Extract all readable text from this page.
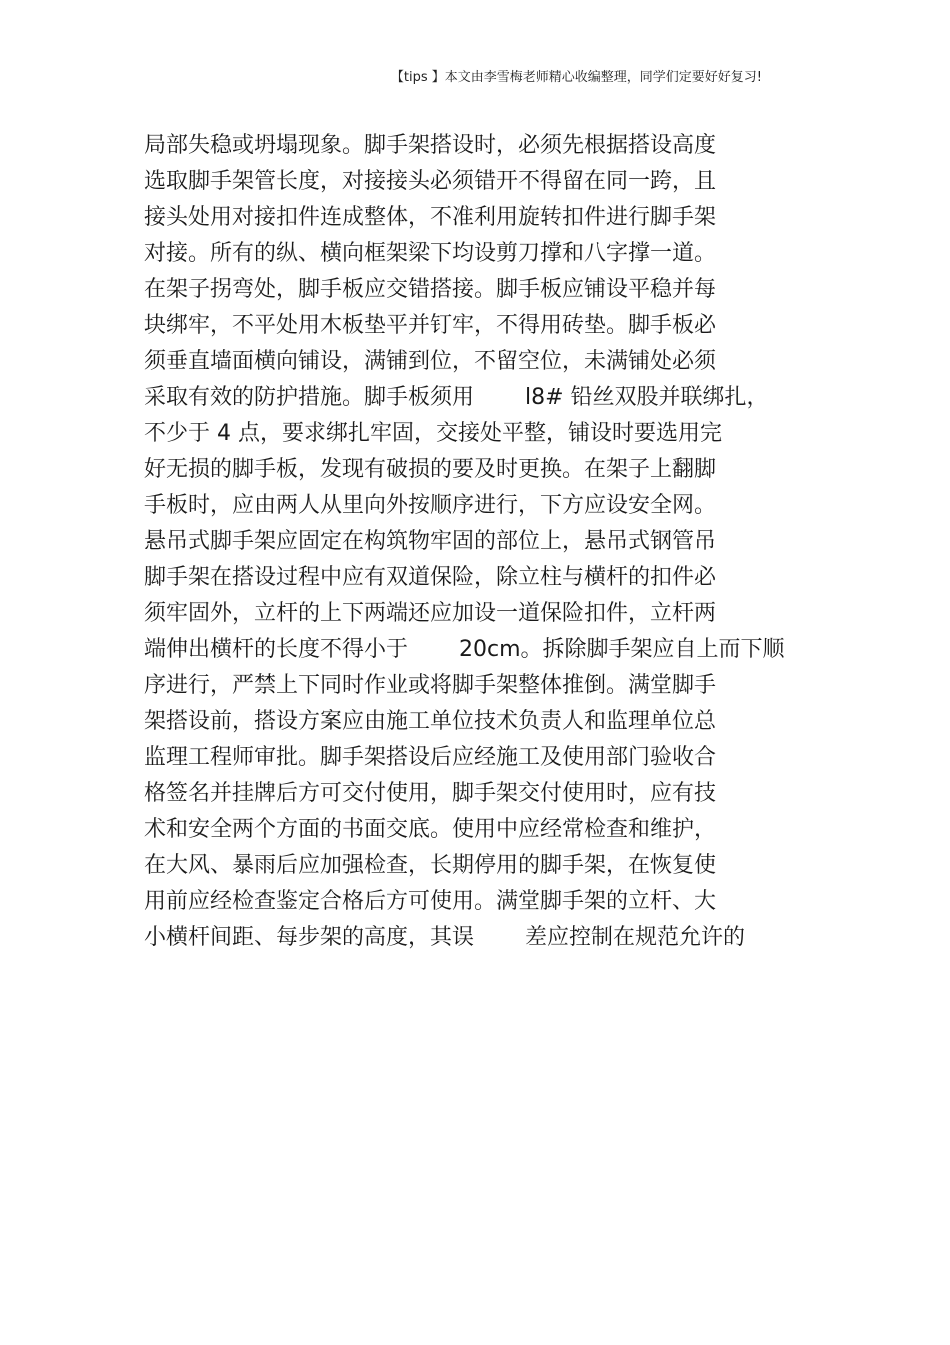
【tips 】本文由李雪梅老师精心收编整理，同学们定要好好复习!
局部失稳或坍塌现象。脚手架搭设时，必须先根据搭设高度
选取脚手架管长度，对接接头必须错开不得留在同一跨，且
接头处用对接扣件连成整体，不准利用旋转扣件进行脚手架
对接。所有的纵、横向框架梁下均设剪刀撑和八字撑一道。
在架子拐弯处，脚手板应交错搭接。脚手板应铺设平稳并每
块绑牢，不平处用木板垫平并钉牢，不得用砖垫。脚手板必
须垂直墙面横向铺设，满铺到位，不留空位，未满铺处必须
采取有效的防护措施。脚手板须用　　 l8# 铅丝双股并联绑扎，
不少于 4 点，要求绑扎牢固，交接处平整，铺设时要选用完
好无损的脚手板，发现有破损的要及时更换。在架子上翻脚
手板时，应由两人从里向外按顺序进行，下方应设安全网。
悬吊式脚手架应固定在构筑物牢固的部位上，悬吊式钢管吊
脚手架在搭设过程中应有双道保险，除立柱与横杆的扣件必
须牢固外，立杆的上下两端还应加设一道保险扣件，立杆两
端伸出横杆的长度不得小于　　 20cm。拆除脚手架应自上而下顺
序进行，严禁上下同时作业或将脚手架整体推倒。满堂脚手
架搭设前，搭设方案应由施工单位技术负责人和监理单位总
监理工程师审批。脚手架搭设后应经施工及使用部门验收合
格签名并挂牌后方可交付使用，脚手架交付使用时，应有技
术和安全两个方面的书面交底。使用中应经常检查和维护，
在大风、暴雨后应加强检查，长期停用的脚手架，在恢复使
用前应经检查鉴定合格后方可使用。满堂脚手架的立杆、大
小横杆间距、每步架的高度，其误　　 差应控制在规范允许的
